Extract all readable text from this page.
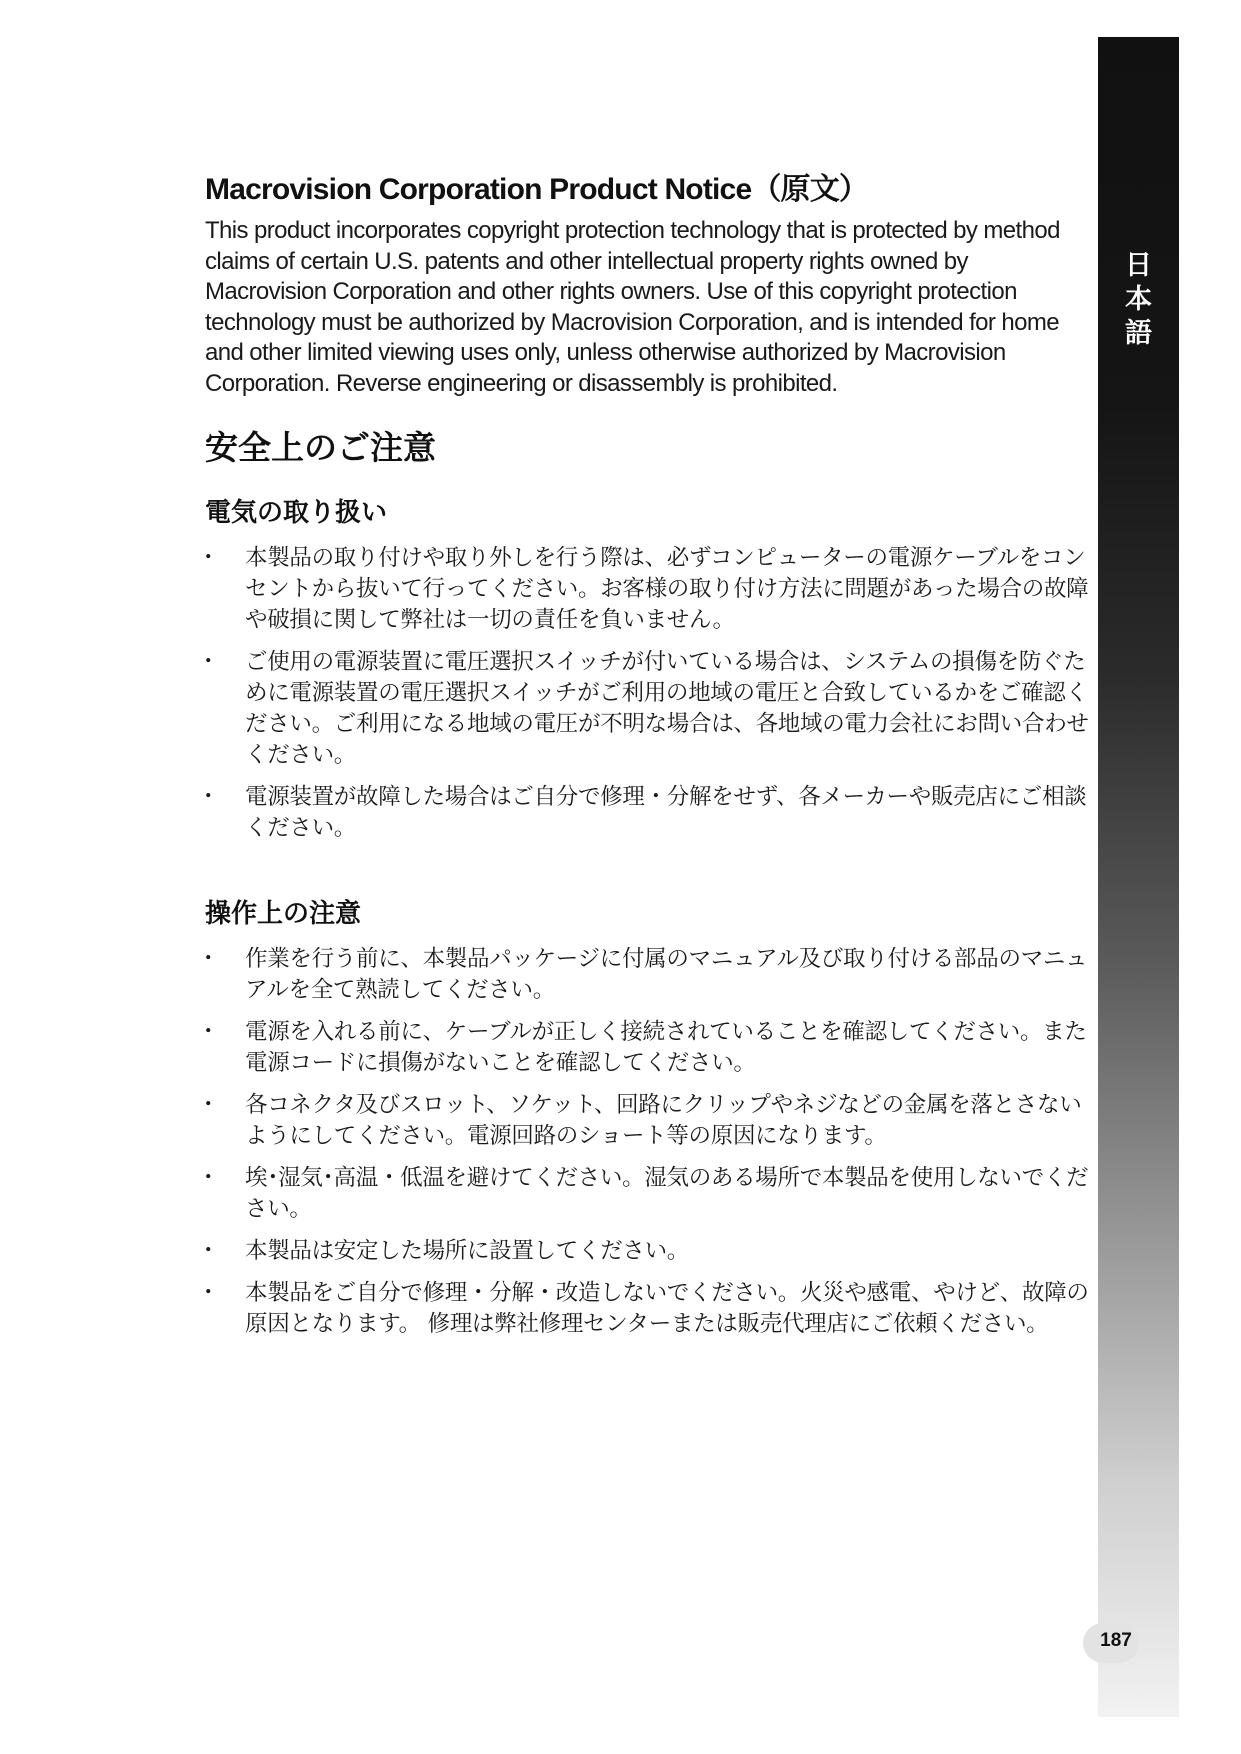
日
本
語
187
Macrovision Corporation Product Notice（原文）

This product incorporates copyright protection technology that is protected by method claims of certain U.S. patents and other intellectual property rights owned by Macrovision Corporation and other rights owners. Use of this copyright protection technology must be authorized by Macrovision Corporation, and is intended for home and other limited viewing uses only, unless otherwise authorized by Macrovision Corporation. Reverse engineering or disassembly is prohibited.

安全上のご注意
電気の取り扱い
・ 本製品の取り付けや取り外しを行う際は、必ずコンピューターの電源ケーブルをコンセントから抜いて行ってください。お客様の取り付け方法に問題があった場合の故障や破損に関して弊社は一切の責任を負いません。
・ ご使用の電源装置に電圧選択スイッチが付いている場合は、システムの損傷を防ぐために電源装置の電圧選択スイッチがご利用の地域の電圧と合致しているかをご確認ください。ご利用になる地域の電圧が不明な場合は、各地域の電力会社にお問い合わせください。
・ 電源装置が故障した場合はご自分で修理・分解をせず、各メーカーや販売店にご相談ください。
操作上の注意
・ 作業を行う前に、本製品パッケージに付属のマニュアル及び取り付ける部品のマニュアルを全て熟読してください。
・ 電源を入れる前に、ケーブルが正しく接続されていることを確認してください。また電源コードに損傷がないことを確認してください。
・ 各コネクタ及びスロット、ソケット、回路にクリップやネジなどの金属を落とさないようにしてください。電源回路のショート等の原因になります。
・ 埃･湿気･高温・低温を避けてください。湿気のある場所で本製品を使用しないでください。
・ 本製品は安定した場所に設置してください。
・ 本製品をご自分で修理・分解・改造しないでください。火災や感電、やけど、故障の原因となります。 修理は弊社修理センターまたは販売代理店にご依頼ください。
